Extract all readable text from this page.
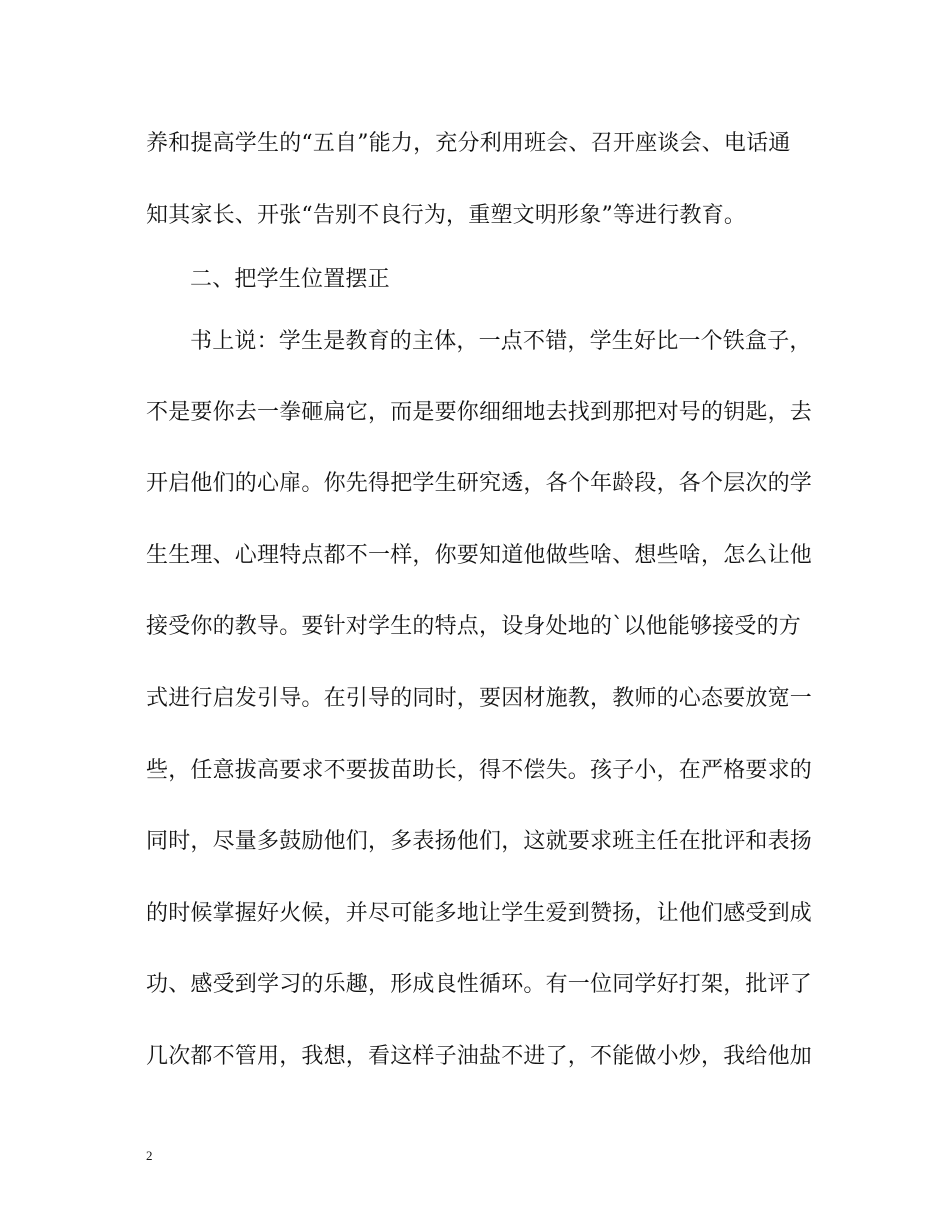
养和提高学生的“五自”能力，充分利用班会、召开座谈会、电话通
知其家长、开张“告别不良行为，重塑文明形象”等进行教育。
二、把学生位置摆正
书上说：学生是教育的主体，一点不错，学生好比一个铁盒子，
不是要你去一拳砸扁它，而是要你细细地去找到那把对号的钥匙，去
开启他们的心扉。你先得把学生研究透，各个年龄段，各个层次的学
生生理、心理特点都不一样，你要知道他做些啥、想些啥，怎么让他
接受你的教导。要针对学生的特点，设身处地的`以他能够接受的方
式进行启发引导。在引导的同时，要因材施教，教师的心态要放宽一
些，任意拔高要求不要拔苗助长，得不偿失。孩子小，在严格要求的
同时，尽量多鼓励他们，多表扬他们，这就要求班主任在批评和表扬
的时候掌握好火候，并尽可能多地让学生爱到赞扬，让他们感受到成
功、感受到学习的乐趣，形成良性循环。有一位同学好打架，批评了
几次都不管用，我想，看这样子油盐不进了，不能做小炒，我给他加
2
